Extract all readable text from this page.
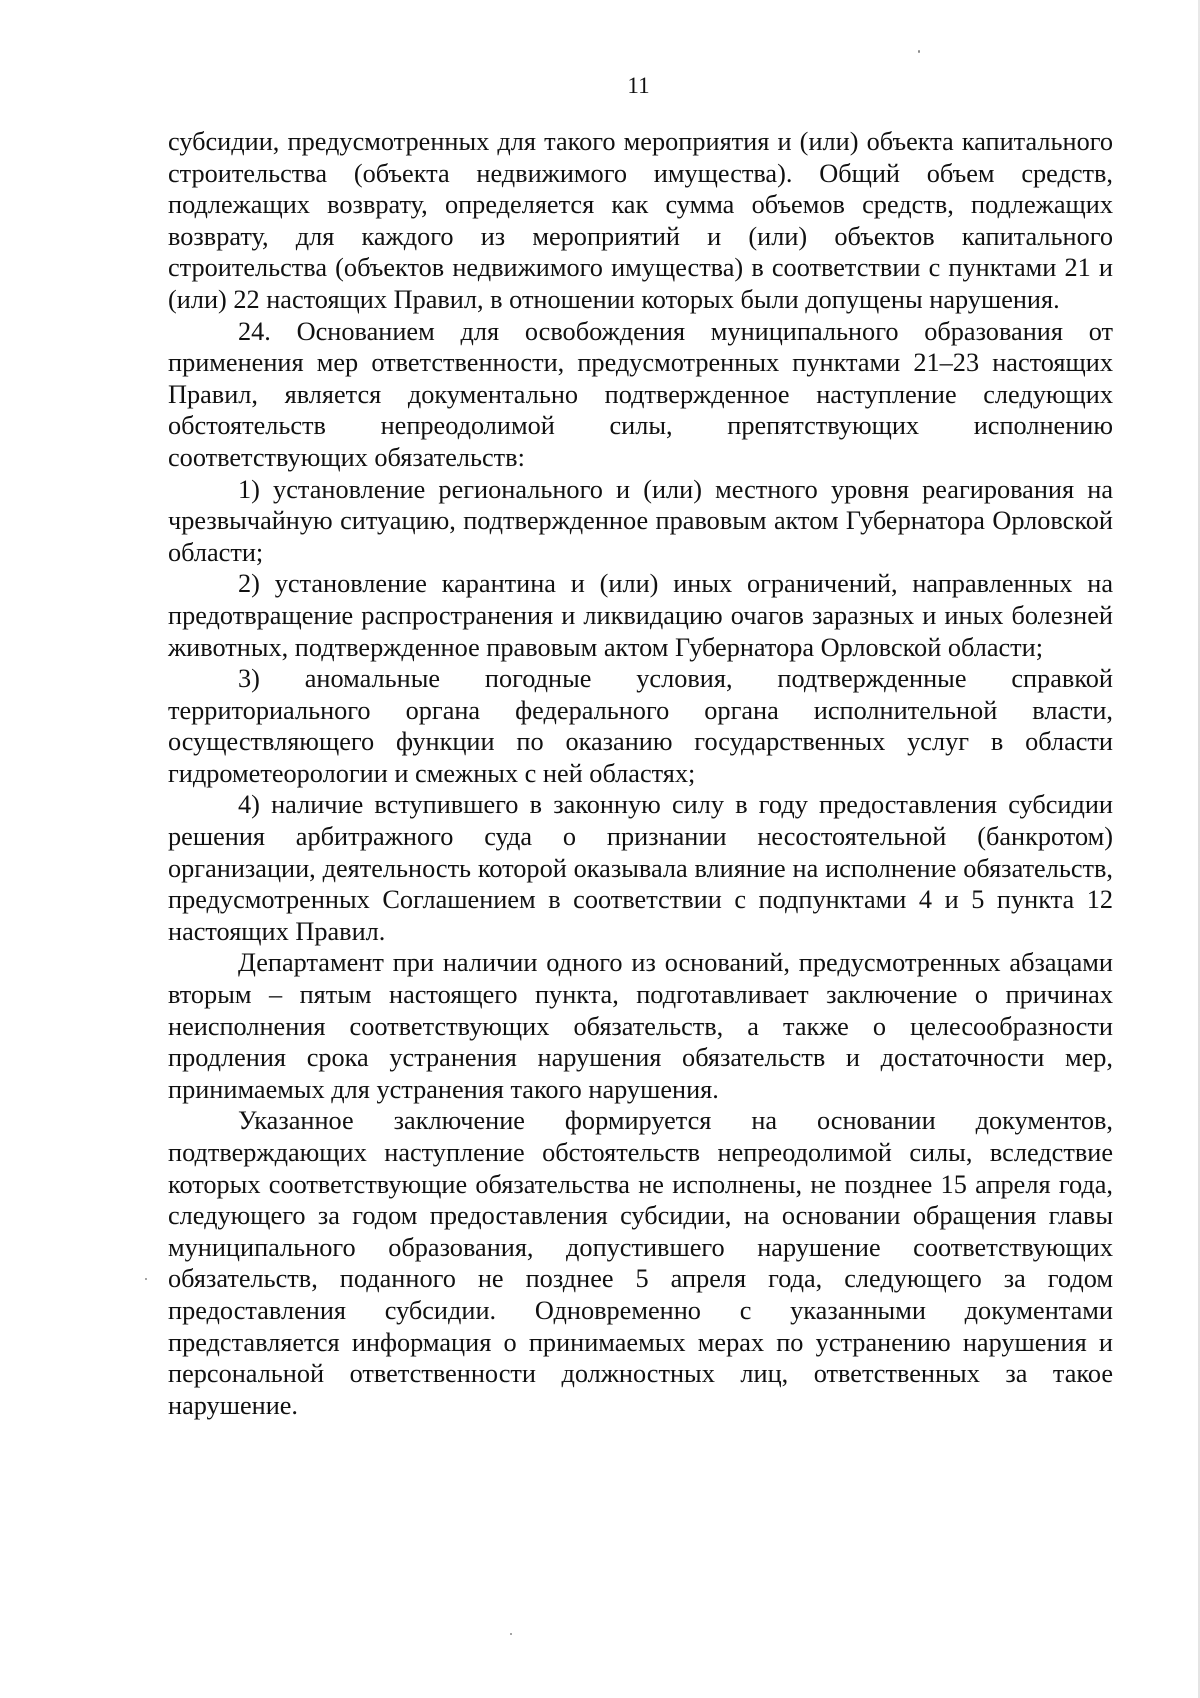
11

субсидии, предусмотренных для такого мероприятия и (или) объекта капитального строительства (объекта недвижимого имущества). Общий объем средств, подлежащих возврату, определяется как сумма объемов средств, подлежащих возврату, для каждого из мероприятий и (или) объектов капитального строительства (объектов недвижимого имущества) в соответствии с пунктами 21 и (или) 22 настоящих Правил, в отношении которых были допущены нарушения.

24. Основанием для освобождения муниципального образования от применения мер ответственности, предусмотренных пунктами 21–23 настоящих Правил, является документально подтвержденное наступление следующих обстоятельств непреодолимой силы, препятствующих исполнению соответствующих обязательств:

1) установление регионального и (или) местного уровня реагирования на чрезвычайную ситуацию, подтвержденное правовым актом Губернатора Орловской области;

2) установление карантина и (или) иных ограничений, направленных на предотвращение распространения и ликвидацию очагов заразных и иных болезней животных, подтвержденное правовым актом Губернатора Орловской области;

3) аномальные погодные условия, подтвержденные справкой территориального органа федерального органа исполнительной власти, осуществляющего функции по оказанию государственных услуг в области гидрометеорологии и смежных с ней областях;

4) наличие вступившего в законную силу в году предоставления субсидии решения арбитражного суда о признании несостоятельной (банкротом) организации, деятельность которой оказывала влияние на исполнение обязательств, предусмотренных Соглашением в соответствии с подпунктами 4 и 5 пункта 12 настоящих Правил.

Департамент при наличии одного из оснований, предусмотренных абзацами вторым – пятым настоящего пункта, подготавливает заключение о причинах неисполнения соответствующих обязательств, а также о целесообразности продления срока устранения нарушения обязательств и достаточности мер, принимаемых для устранения такого нарушения.

Указанное заключение формируется на основании документов, подтверждающих наступление обстоятельств непреодолимой силы, вследствие которых соответствующие обязательства не исполнены, не позднее 15 апреля года, следующего за годом предоставления субсидии, на основании обращения главы муниципального образования, допустившего нарушение соответствующих обязательств, поданного не позднее 5 апреля года, следующего за годом предоставления субсидии. Одновременно с указанными документами представляется информация о принимаемых мерах по устранению нарушения и персональной ответственности должностных лиц, ответственных за такое нарушение.
